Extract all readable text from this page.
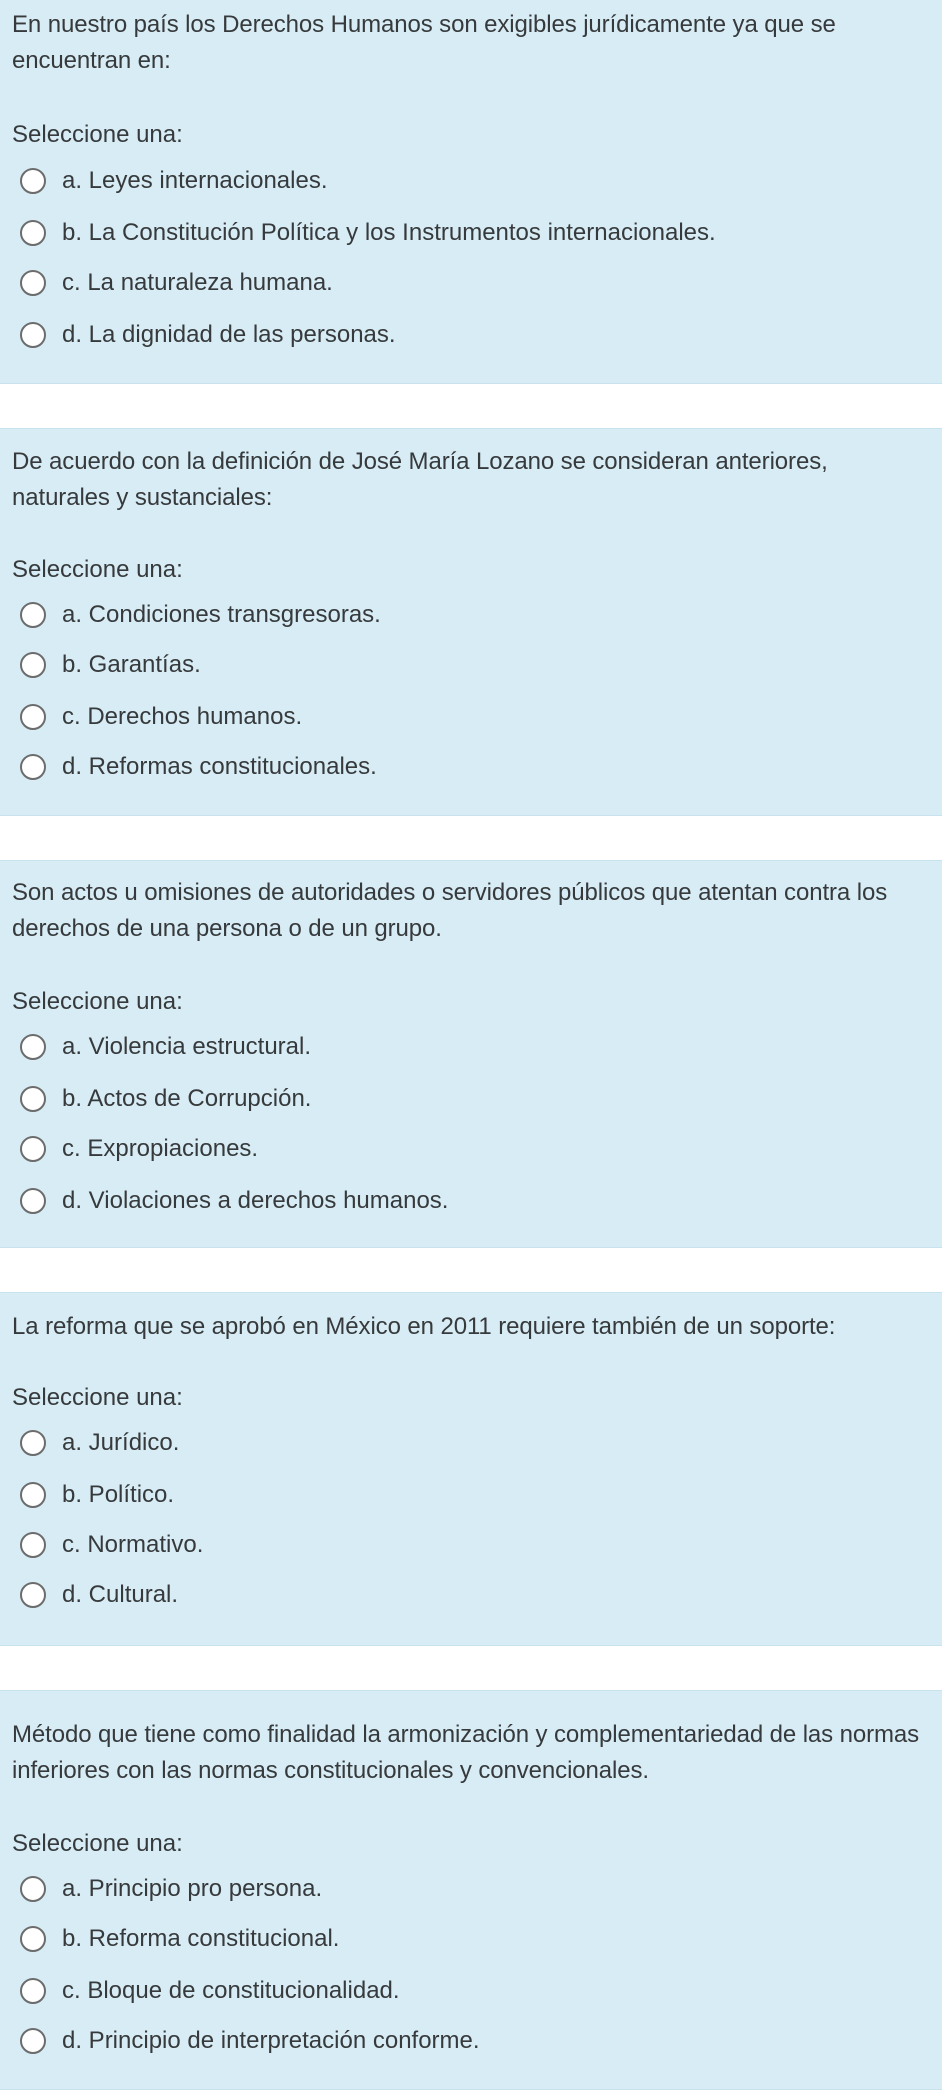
En nuestro país los Derechos Humanos son exigibles jurídicamente ya que se encuentran en:
Seleccione una:
a. Leyes internacionales.
b. La Constitución Política y los Instrumentos internacionales.
c. La naturaleza humana.
d. La dignidad de las personas.
De acuerdo con la definición de José María Lozano se consideran anteriores, naturales y sustanciales:
Seleccione una:
a. Condiciones transgresoras.
b. Garantías.
c. Derechos humanos.
d. Reformas constitucionales.
Son actos u omisiones de autoridades o servidores públicos que atentan contra los derechos de una persona o de un grupo.
Seleccione una:
a. Violencia estructural.
b. Actos de Corrupción.
c. Expropiaciones.
d. Violaciones a derechos humanos.
La reforma que se aprobó en México en 2011 requiere también de un soporte:
Seleccione una:
a. Jurídico.
b. Político.
c. Normativo.
d. Cultural.
Método que tiene como finalidad la armonización y complementariedad de las normas inferiores con las normas constitucionales y convencionales.
Seleccione una:
a. Principio pro persona.
b. Reforma constitucional.
c. Bloque de constitucionalidad.
d. Principio de interpretación conforme.
